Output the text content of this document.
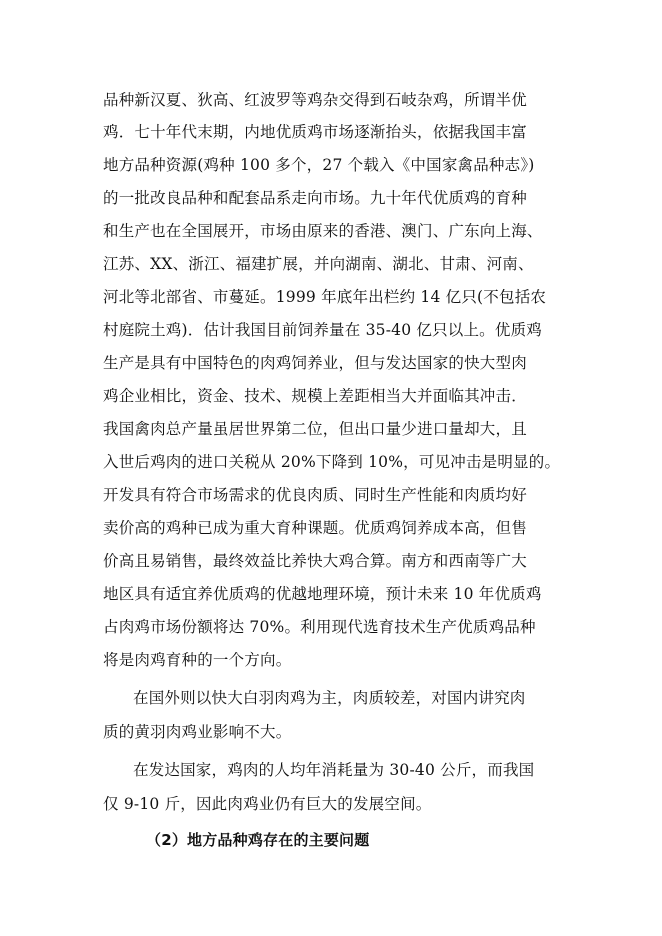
品种新汉夏、狄高、红波罗等鸡杂交得到石岐杂鸡，所谓半优
鸡．七十年代末期，内地优质鸡市场逐渐抬头，依据我国丰富
地方品种资源(鸡种 100 多个，27 个载入《中国家禽品种志》)
的一批改良品种和配套品系走向市场。九十年代优质鸡的育种
和生产也在全国展开，市场由原来的香港、澳门、广东向上海、
江苏、XX、浙江、福建扩展，并向湖南、湖北、甘肃、河南、
河北等北部省、市蔓延。1999 年底年出栏约 14 亿只(不包括农
村庭院土鸡)．估计我国目前饲养量在 35-40 亿只以上。优质鸡
生产是具有中国特色的肉鸡饲养业，但与发达国家的快大型肉
鸡企业相比，资金、技术、规模上差距相当大并面临其冲击．
我国禽肉总产量虽居世界第二位，但出口量少进口量却大，且
入世后鸡肉的进口关税从 20%下降到 10%，可见冲击是明显的。
开发具有符合市场需求的优良肉质、同时生产性能和肉质均好
卖价高的鸡种已成为重大育种课题。优质鸡饲养成本高，但售
价高且易销售，最终效益比养快大鸡合算。南方和西南等广大
地区具有适宜养优质鸡的优越地理环境，预计未来 10 年优质鸡
占肉鸡市场份额将达 70%。利用现代选育技术生产优质鸡品种
将是肉鸡育种的一个方向。
在国外则以快大白羽肉鸡为主，肉质较差，对国内讲究肉
质的黄羽肉鸡业影响不大。
在发达国家，鸡肉的人均年消耗量为 30-40 公斤，而我国
仅 9-10 斤，因此肉鸡业仍有巨大的发展空间。
（2）地方品种鸡存在的主要问题
